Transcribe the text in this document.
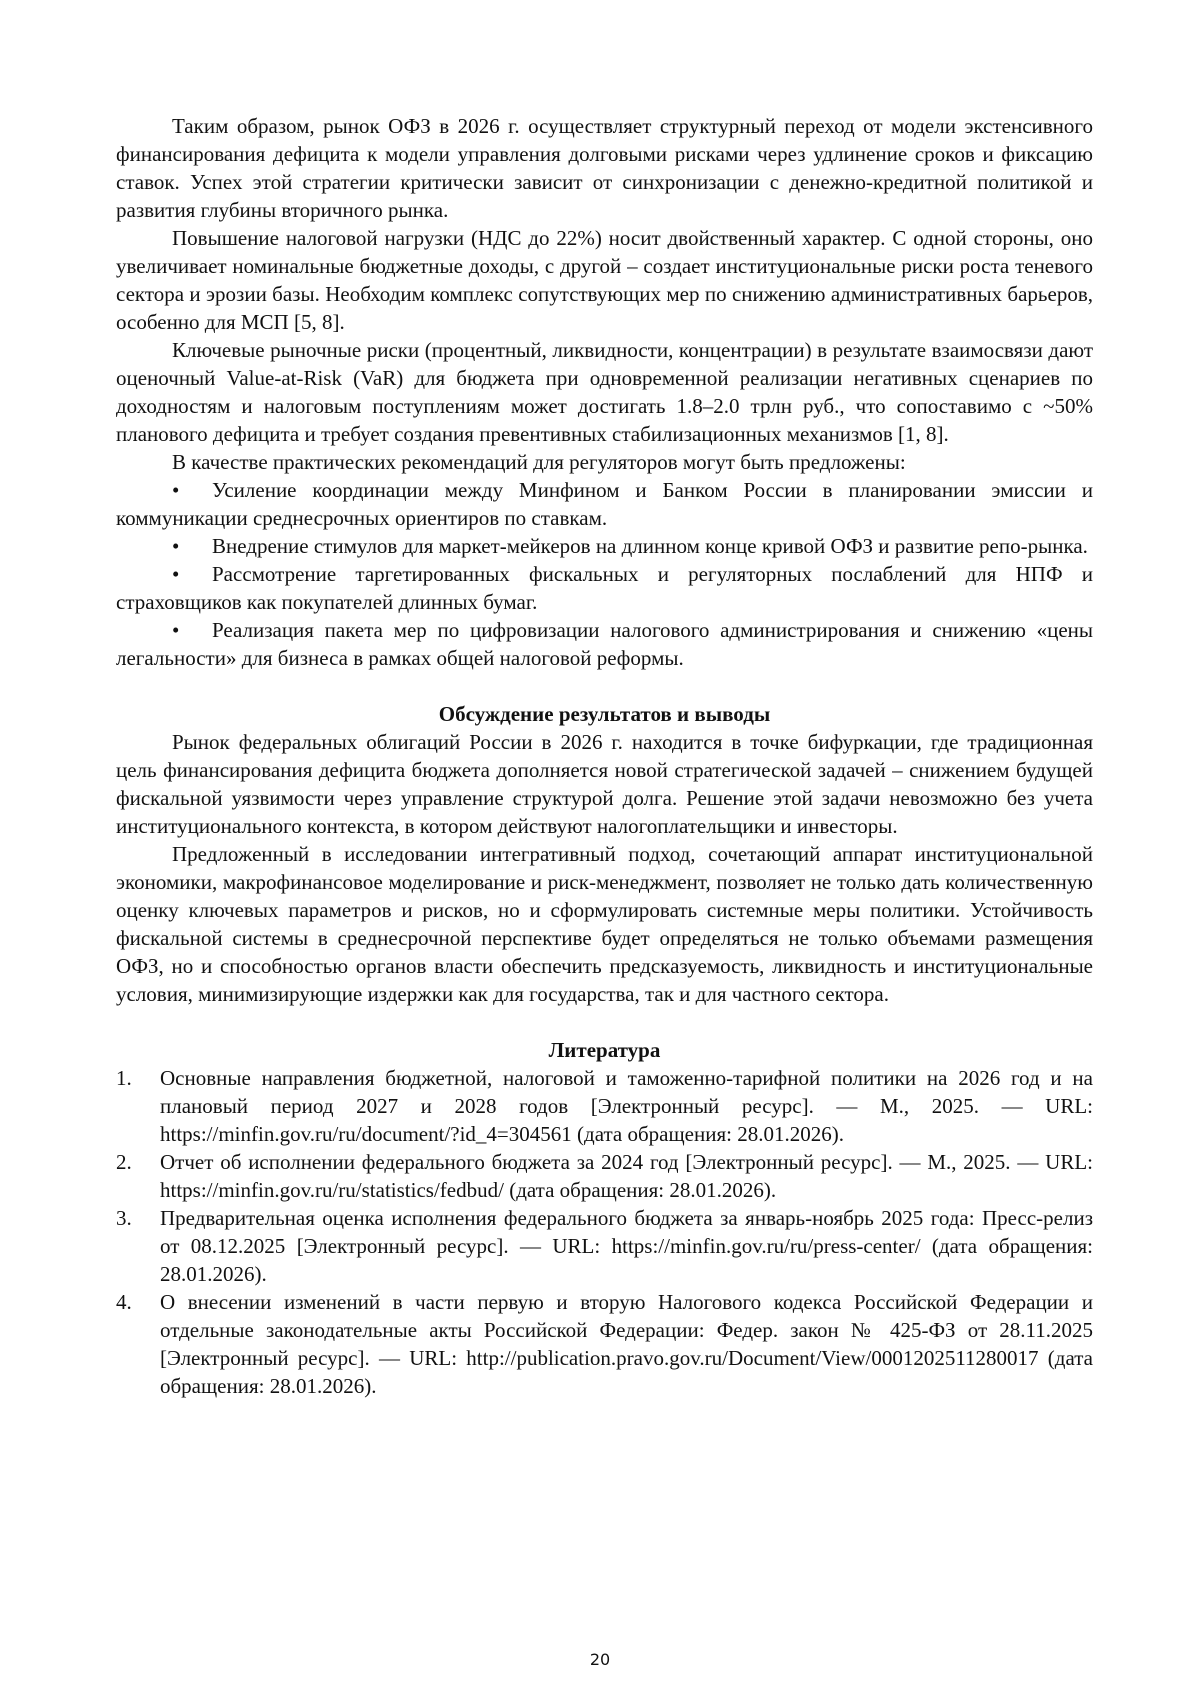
Таким образом, рынок ОФЗ в 2026 г. осуществляет структурный переход от модели экстенсивного финансирования дефицита к модели управления долговыми рисками через удлинение сроков и фиксацию ставок. Успех этой стратегии критически зависит от синхронизации с денежно-кредитной политикой и развития глубины вторичного рынка.

Повышение налоговой нагрузки (НДС до 22%) носит двойственный характер. С одной стороны, оно увеличивает номинальные бюджетные доходы, с другой – создает институциональные риски роста теневого сектора и эрозии базы. Необходим комплекс сопутствующих мер по снижению административных барьеров, особенно для МСП [5, 8].

Ключевые рыночные риски (процентный, ликвидности, концентрации) в результате взаимосвязи дают оценочный Value-at-Risk (VaR) для бюджета при одновременной реализации негативных сценариев по доходностям и налоговым поступлениям может достигать 1.8–2.0 трлн руб., что сопоставимо с ~50% планового дефицита и требует создания превентивных стабилизационных механизмов [1, 8].

В качестве практических рекомендаций для регуляторов могут быть предложены:

• Усиление координации между Минфином и Банком России в планировании эмиссии и коммуникации среднесрочных ориентиров по ставкам.
• Внедрение стимулов для маркет-мейкеров на длинном конце кривой ОФЗ и развитие репо-рынка.
• Рассмотрение таргетированных фискальных и регуляторных послаблений для НПФ и страховщиков как покупателей длинных бумаг.
• Реализация пакета мер по цифровизации налогового администрирования и снижению «цены легальности» для бизнеса в рамках общей налоговой реформы.
Обсуждение результатов и выводы

Рынок федеральных облигаций России в 2026 г. находится в точке бифуркации, где традиционная цель финансирования дефицита бюджета дополняется новой стратегической задачей – снижением будущей фискальной уязвимости через управление структурой долга. Решение этой задачи невозможно без учета институционального контекста, в котором действуют налогоплательщики и инвесторы.

Предложенный в исследовании интегративный подход, сочетающий аппарат институциональной экономики, макрофинансовое моделирование и риск-менеджмент, позволяет не только дать количественную оценку ключевых параметров и рисков, но и сформулировать системные меры политики. Устойчивость фискальной системы в среднесрочной перспективе будет определяться не только объемами размещения ОФЗ, но и способностью органов власти обеспечить предсказуемость, ликвидность и институциональные условия, минимизирующие издержки как для государства, так и для частного сектора.

Литература
1. Основные направления бюджетной, налоговой и таможенно-тарифной политики на 2026 год и на плановый период 2027 и 2028 годов [Электронный ресурс]. — М., 2025. — URL: https://minfin.gov.ru/ru/document/?id_4=304561 (дата обращения: 28.01.2026).
2. Отчет об исполнении федерального бюджета за 2024 год [Электронный ресурс]. — М., 2025. — URL: https://minfin.gov.ru/ru/statistics/fedbud/ (дата обращения: 28.01.2026).
3. Предварительная оценка исполнения федерального бюджета за январь-ноябрь 2025 года: Пресс-релиз от 08.12.2025 [Электронный ресурс]. — URL: https://minfin.gov.ru/ru/press-center/ (дата обращения: 28.01.2026).
4. О внесении изменений в части первую и вторую Налогового кодекса Российской Федерации и отдельные законодательные акты Российской Федерации: Федер. закон № 425-ФЗ от 28.11.2025 [Электронный ресурс]. — URL: http://publication.pravo.gov.ru/Document/View/0001202511280017 (дата обращения: 28.01.2026).
20
